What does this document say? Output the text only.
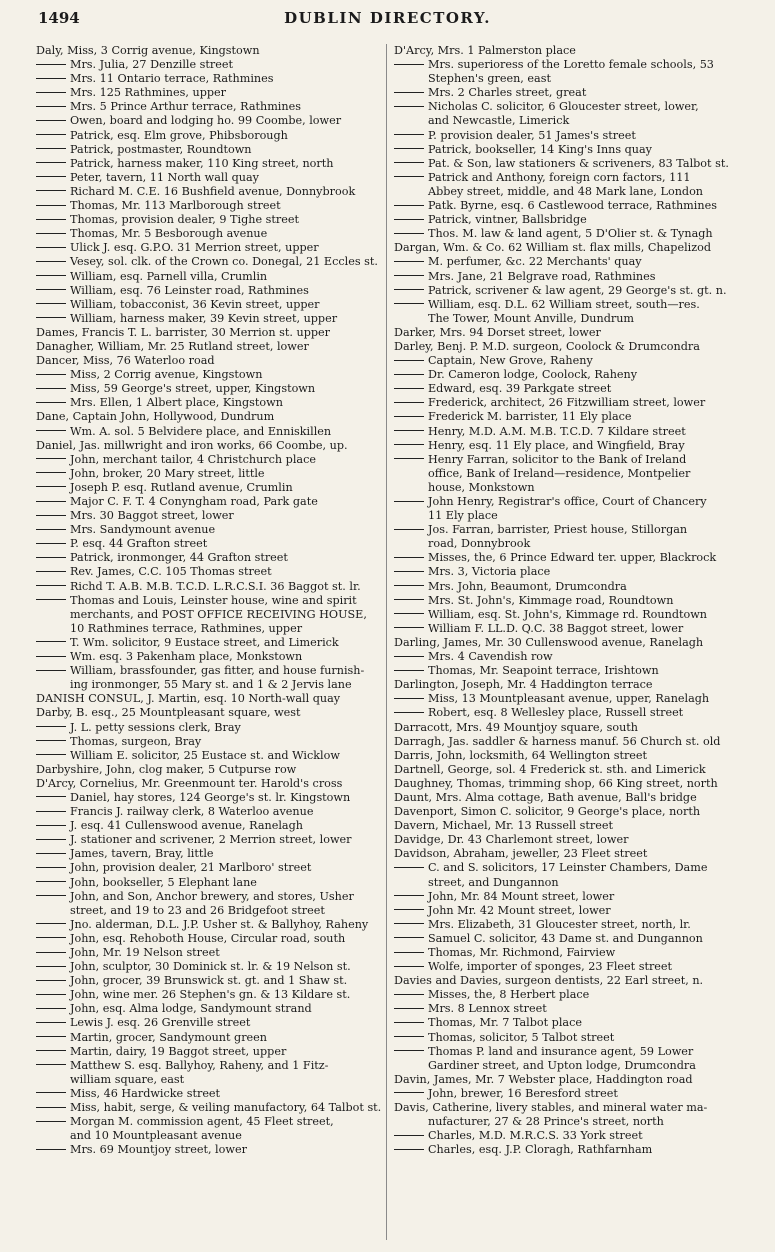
1494	DUBLIN DIRECTORY.
Daly, Miss, 3 Corrig avenue, Kingstown
Mrs. Julia, 27 Denzille street
Mrs. 11 Ontario terrace, Rathmines
Mrs. 125 Rathmines, upper
Mrs. 5 Prince Arthur terrace, Rathmines
Owen, board and lodging ho. 99 Coombe, lower
Patrick, esq. Elm grove, Phibsborough
Patrick, postmaster, Roundtown
Patrick, harness maker, 110 King street, north
Peter, tavern, 11 North wall quay
Richard M. C.E. 16 Bushfield avenue, Donnybrook
Thomas, Mr. 113 Marlborough street
Thomas, provision dealer, 9 Tighe street
Thomas, Mr. 5 Besborough avenue
Ulick J. esq. G.P.O. 31 Merrion street, upper
Vesey, sol. clk. of the Crown co. Donegal, 21 Eccles st.
William, esq. Parnell villa, Crumlin
William, esq. 76 Leinster road, Rathmines
William, tobacconist, 36 Kevin street, upper
William, harness maker, 39 Kevin street, upper
Dames, Francis T. L. barrister, 30 Merrion st. upper
Danagher, William, Mr. 25 Rutland street, lower
Dancer, Miss, 76 Waterloo road
Miss, 2 Corrig avenue, Kingstown
Miss, 59 George's street, upper, Kingstown
Mrs. Ellen, 1 Albert place, Kingstown
Dane, Captain John, Hollywood, Dundrum
Wm. A. sol. 5 Belvidere place, and Enniskillen
Daniel, Jas. millwright and iron works, 66 Coombe, up.
John, merchant tailor, 4 Christchurch place
John, broker, 20 Mary street, little
Joseph P. esq. Rutland avenue, Crumlin
Major C. F. T. 4 Conyngham road, Park gate
Mrs. 30 Baggot street, lower
Mrs. Sandymount avenue
P. esq. 44 Grafton street
Patrick, ironmonger, 44 Grafton street
Rev. James, C.C. 105 Thomas street
Richd T. A.B. M.B. T.C.D. L.R.C.S.I. 36 Baggot st. lr.
Thomas and Louis, Leinster house, wine and spirit
merchants, and POST OFFICE RECEIVING HOUSE,
10 Rathmines terrace, Rathmines, upper
T. Wm. solicitor, 9 Eustace street, and Limerick
Wm. esq. 3 Pakenham place, Monkstown
William, brassfounder, gas fitter, and house furnish-
ing ironmonger, 55 Mary st. and 1 & 2 Jervis lane
DANISH CONSUL, J. Martin, esq. 10 North-wall quay
Darby, B. esq., 25 Mountpleasant square, west
J. L. petty sessions clerk, Bray
Thomas, surgeon, Bray
William E. solicitor, 25 Eustace st. and Wicklow
Darbyshire, John, clog maker, 5 Cutpurse row
D'Arcy, Cornelius, Mr. Greenmount ter. Harold's cross
Daniel, hay stores, 124 George's st. lr. Kingstown
Francis J. railway clerk, 8 Waterloo avenue
J. esq. 41 Cullenswood avenue, Ranelagh
J. stationer and scrivener, 2 Merrion street, lower
James, tavern, Bray, little
John, provision dealer, 21 Marlboro' street
John, bookseller, 5 Elephant lane
John, and Son, Anchor brewery, and stores, Usher
street, and 19 to 23 and 26 Bridgefoot street
Jno. alderman, D.L. J.P. Usher st. & Ballyhoy, Raheny
John, esq. Rehoboth House, Circular road, south
John, Mr. 19 Nelson street
John, sculptor, 30 Dominick st. lr. & 19 Nelson st.
John, grocer, 39 Brunswick st. gt. and 1 Shaw st.
John, wine mer. 26 Stephen's gn. & 13 Kildare st.
John, esq. Alma lodge, Sandymount strand
Lewis J. esq. 26 Grenville street
Martin, grocer, Sandymount green
Martin, dairy, 19 Baggot street, upper
Matthew S. esq. Ballyhoy, Raheny, and 1 Fitz-
william square, east
Miss, 46 Hardwicke street
Miss, habit, serge, & veiling manufactory, 64 Talbot st.
Morgan M. commission agent, 45 Fleet street,
and 10 Mountpleasant avenue
Mrs. 69 Mountjoy street, lower
D'Arcy, Mrs. 1 Palmerston place
Mrs. superioress of the Loretto female schools, 53
Stephen's green, east
Mrs. 2 Charles street, great
Nicholas C. solicitor, 6 Gloucester street, lower,
and Newcastle, Limerick
P. provision dealer, 51 James's street
Patrick, bookseller, 14 King's Inns quay
Pat. & Son, law stationers & scriveners, 83 Talbot st.
Patrick and Anthony, foreign corn factors, 111
Abbey street, middle, and 48 Mark lane, London
Patk. Byrne, esq. 6 Castlewood terrace, Rathmines
Patrick, vintner, Ballsbridge
Thos. M. law & land agent, 5 D'Olier st. & Tynagh
Dargan, Wm. & Co. 62 William st. flax mills, Chapelizod
M. perfumer, &c. 22 Merchants' quay
Mrs. Jane, 21 Belgrave road, Rathmines
Patrick, scrivener & law agent, 29 George's st. gt. n.
William, esq. D.L. 62 William street, south—res.
The Tower, Mount Anville, Dundrum
Darker, Mrs. 94 Dorset street, lower
Darley, Benj. P. M.D. surgeon, Coolock & Drumcondra
Captain, New Grove, Raheny
Dr. Cameron lodge, Coolock, Raheny
Edward, esq. 39 Parkgate street
Frederick, architect, 26 Fitzwilliam street, lower
Frederick M. barrister, 11 Ely place
Henry, M.D. A.M. M.B. T.C.D. 7 Kildare street
Henry, esq. 11 Ely place, and Wingfield, Bray
Henry Farran, solicitor to the Bank of Ireland
office, Bank of Ireland—residence, Montpelier
house, Monkstown
John Henry, Registrar's office, Court of Chancery
11 Ely place
Jos. Farran, barrister, Priest house, Stillorgan
road, Donnybrook
Misses, the, 6 Prince Edward ter. upper, Blackrock
Mrs. 3, Victoria place
Mrs. John, Beaumont, Drumcondra
Mrs. St. John's, Kimmage road, Roundtown
William, esq. St. John's, Kimmage rd. Roundtown
William F. LL.D. Q.C. 38 Baggot street, lower
Darling, James, Mr. 30 Cullenswood avenue, Ranelagh
Mrs. 4 Cavendish row
Thomas, Mr. Seapoint terrace, Irishtown
Darlington, Joseph, Mr. 4 Haddington terrace
Miss, 13 Mountpleasant avenue, upper, Ranelagh
Robert, esq. 8 Wellesley place, Russell street
Darracott, Mrs. 49 Mountjoy square, south
Darragh, Jas. saddler & harness manuf. 56 Church st. old
Darris, John, locksmith, 64 Wellington street
Dartnell, George, sol. 4 Frederick st. sth. and Limerick
Daughney, Thomas, trimming shop, 66 King street, north
Daunt, Mrs. Alma cottage, Bath avenue, Ball's bridge
Davenport, Simon C. solicitor, 9 George's place, north
Davern, Michael, Mr. 13 Russell street
Davidge, Dr. 43 Charlemont street, lower
Davidson, Abraham, jeweller, 23 Fleet street
C. and S. solicitors, 17 Leinster Chambers, Dame
street, and Dungannon
John, Mr. 84 Mount street, lower
John Mr. 42 Mount street, lower
Mrs. Elizabeth, 31 Gloucester street, north, lr.
Samuel C. solicitor, 43 Dame st. and Dungannon
Thomas, Mr. Richmond, Fairview
Wolfe, importer of sponges, 23 Fleet street
Davies and Davies, surgeon dentists, 22 Earl street, n.
Misses, the, 8 Herbert place
Mrs. 8 Lennox street
Thomas, Mr. 7 Talbot place
Thomas, solicitor, 5 Talbot street
Thomas P. land and insurance agent, 59 Lower
Gardiner street, and Upton lodge, Drumcondra
Davin, James, Mr. 7 Webster place, Haddington road
John, brewer, 16 Beresford street
Davis, Catherine, livery stables, and mineral water ma-
nufacturer, 27 & 28 Prince's street, north
Charles, M.D. M.R.C.S. 33 York street
Charles, esq. J.P. Cloragh, Rathfarnham
